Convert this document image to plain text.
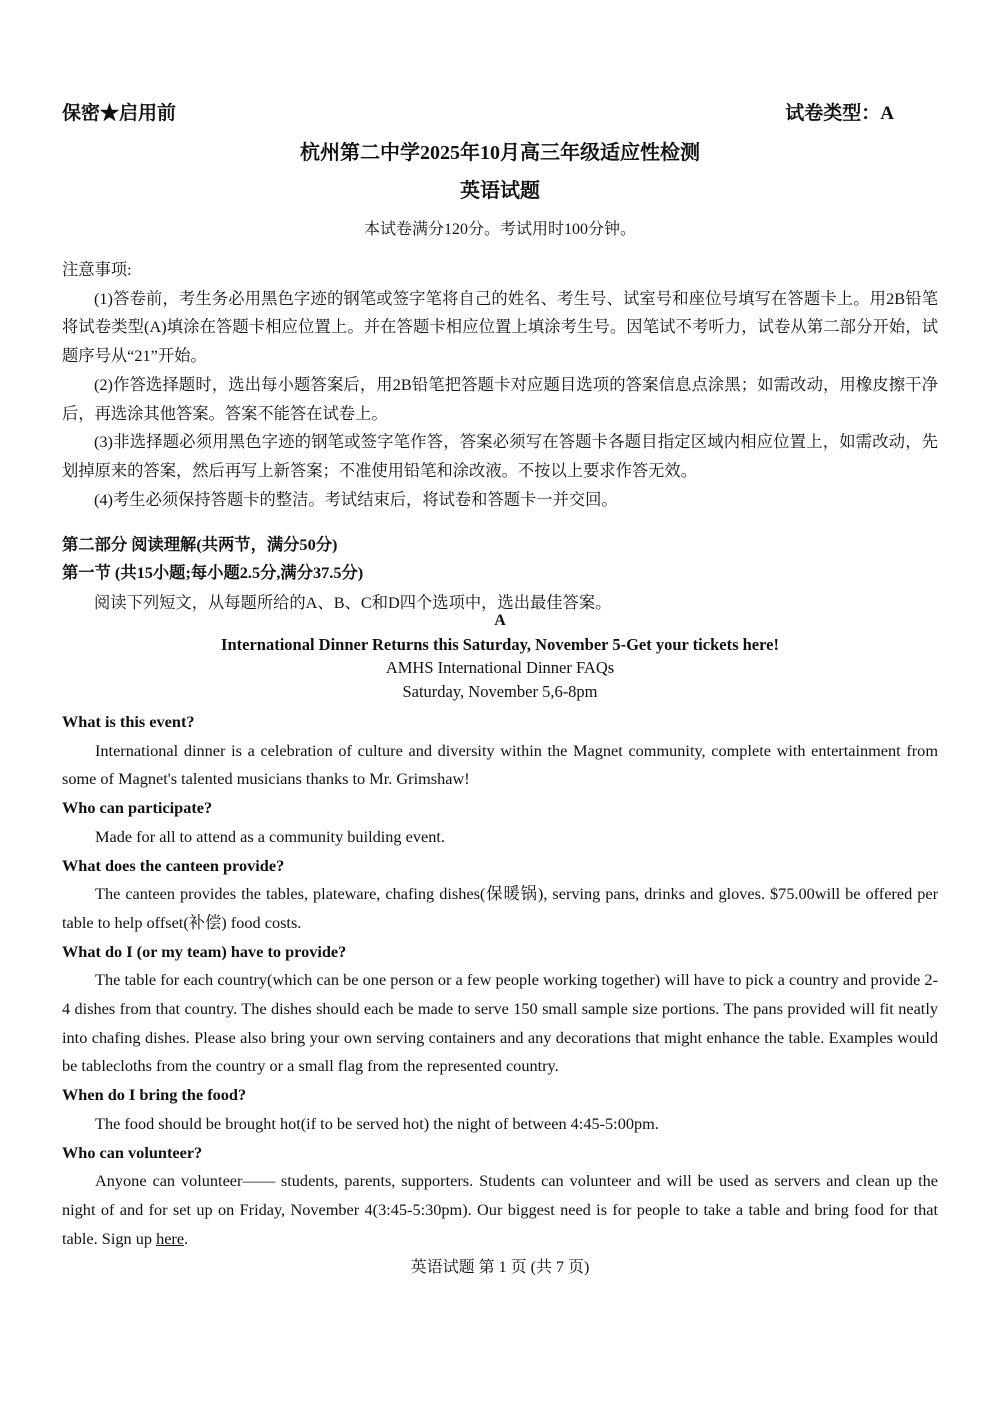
保密★启用前	试卷类型：A
杭州第二中学2025年10月高三年级适应性检测
英语试题
本试卷满分120分。考试用时100分钟。

注意事项:

(1)答卷前，考生务必用黑色字迹的钢笔或签字笔将自己的姓名、考生号、试室号和座位号填写在答题卡上。用2B铅笔将试卷类型(A)填涂在答题卡相应位置上。并在答题卡相应位置上填涂考生号。因笔试不考听力，试卷从第二部分开始，试题序号从“21”开始。

(2)作答选择题时，选出每小题答案后，用2B铅笔把答题卡对应题目选项的答案信息点涂黑；如需改动，用橡皮擦干净后，再选涂其他答案。答案不能答在试卷上。

(3)非选择题必须用黑色字迹的钢笔或签字笔作答，答案必须写在答题卡各题目指定区域内相应位置上，如需改动，先划掉原来的答案，然后再写上新答案；不准使用铅笔和涂改液。不按以上要求作答无效。

(4)考生必须保持答题卡的整洁。考试结束后，将试卷和答题卡一并交回。

第二部分 阅读理解(共两节，满分50分)
第一节 (共15小题;每小题2.5分,满分37.5分)
阅读下列短文，从每题所给的A、B、C和D四个选项中，选出最佳答案。
A
International Dinner Returns this Saturday, November 5-Get your tickets here!
AMHS International Dinner FAQs
Saturday, November 5,6-8pm

What is this event?

International dinner is a celebration of culture and diversity within the Magnet community, complete with entertainment from some of Magnet's talented musicians thanks to Mr. Grimshaw!

Who can participate?

Made for all to attend as a community building event.

What does the canteen provide?

The canteen provides the tables, plateware, chafing dishes(保暖锅), serving pans, drinks and gloves. $75.00will be offered per table to help offset(补偿) food costs.

What do I (or my team) have to provide?

The table for each country(which can be one person or a few people working together) will have to pick a country and provide 2-4 dishes from that country. The dishes should each be made to serve 150 small sample size portions. The pans provided will fit neatly into chafing dishes. Please also bring your own serving containers and any decorations that might enhance the table. Examples would be tablecloths from the country or a small flag from the represented country.

When do I bring the food?

The food should be brought hot(if to be served hot) the night of between 4:45-5:00pm.

Who can volunteer?

Anyone can volunteer—— students, parents, supporters. Students can volunteer and will be used as servers and clean up the night of and for set up on Friday, November 4(3:45-5:30pm). Our biggest need is for people to take a table and bring food for that table. Sign up here.

英语试题 第 1 页 (共 7 页)
